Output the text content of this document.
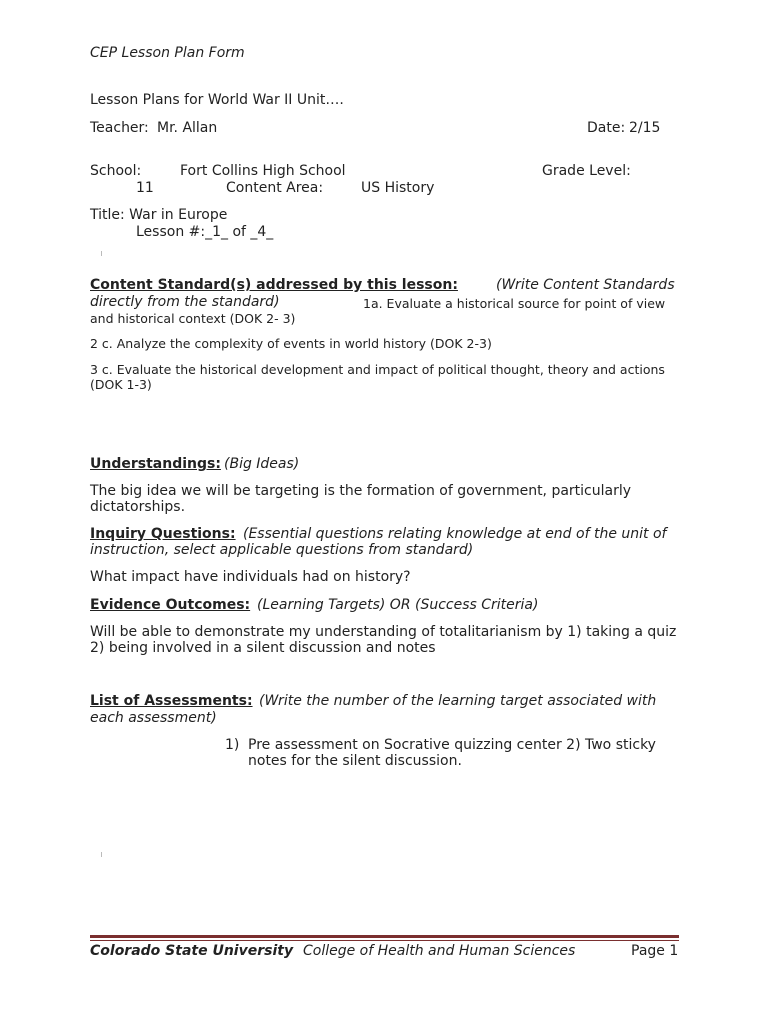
CEP Lesson Plan Form
Lesson Plans for World War II Unit….
Teacher: Mr. Allan	Date: 2/15
School:	Fort Collins High School	Grade Level:
11	Content Area:	US History
Title: War in Europe
Lesson #:_1_ of _4_
Content Standard(s) addressed by this lesson:	(Write Content Standards
directly from the standard)	1a. Evaluate a historical source for point of view
and historical context (DOK 2- 3)
2 c. Analyze the complexity of events in world history (DOK 2-3)
3 c. Evaluate the historical development and impact of political thought, theory and actions
(DOK 1-3)
Understandings: (Big Ideas)
The big idea we will be targeting is the formation of government, particularly
dictatorships.
Inquiry Questions: (Essential questions relating knowledge at end of the unit of
instruction, select applicable questions from standard)
What impact have individuals had on history?
Evidence Outcomes: (Learning Targets) OR (Success Criteria)
Will be able to demonstrate my understanding of totalitarianism by 1) taking a quiz
2) being involved in a silent discussion and notes
List of Assessments: (Write the number of the learning target associated with
each assessment)
1) Pre assessment on Socrative quizzing center 2) Two sticky
notes for the silent discussion.
Colorado State University College of Health and Human Sciences	Page 1
